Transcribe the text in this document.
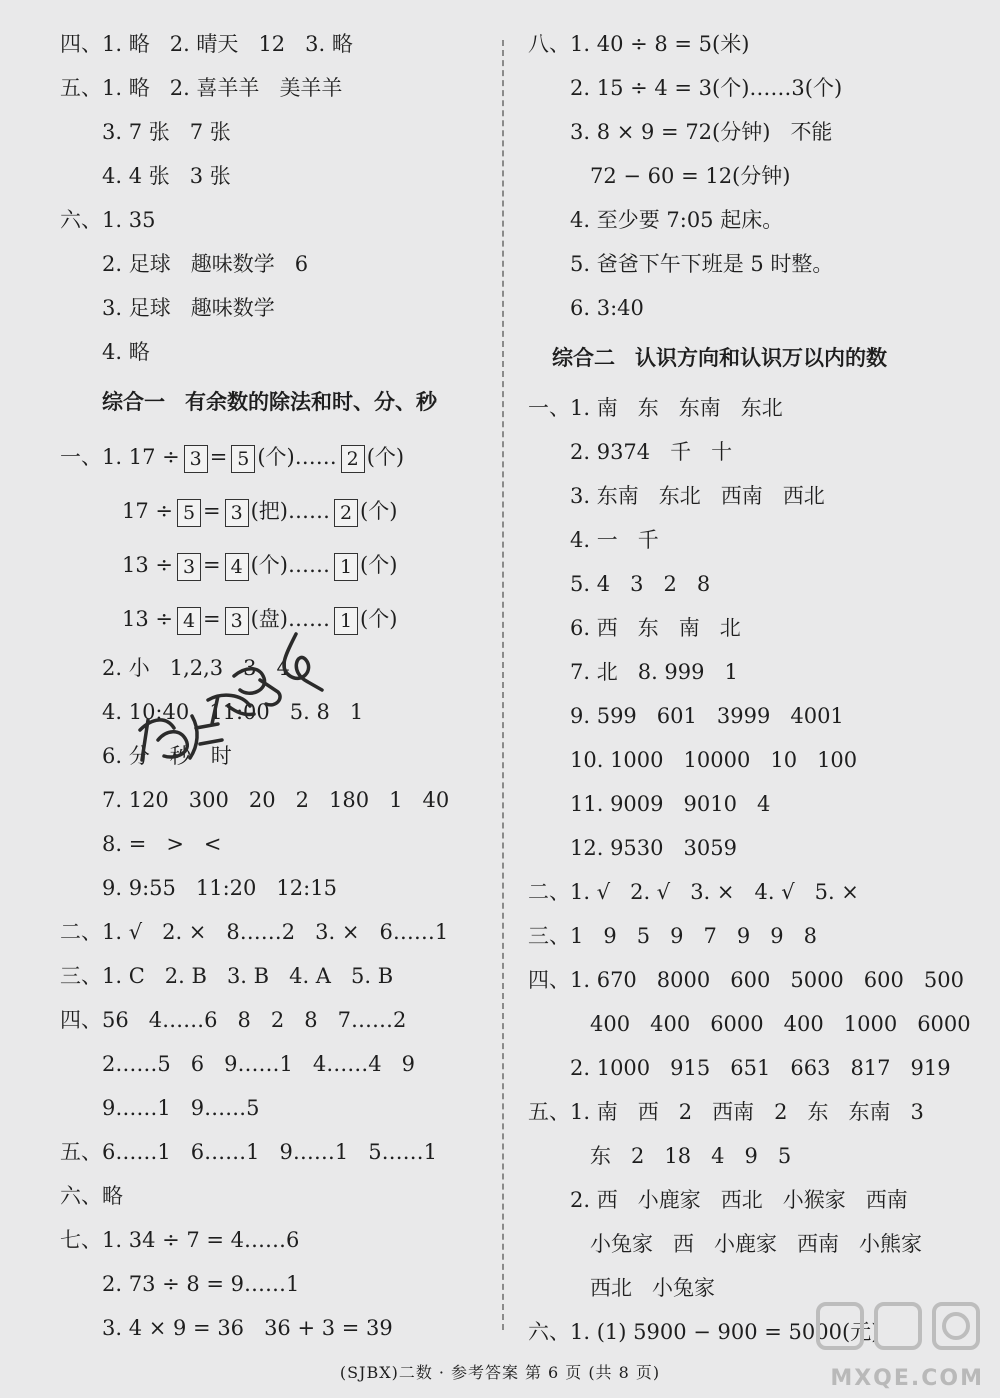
四、1. 略 2. 晴天 12 3. 略
五、1. 略 2. 喜羊羊 美羊羊
3. 7 张 7 张
4. 4 张 3 张
六、1. 35
2. 足球 趣味数学 6
3. 足球 趣味数学
4. 略
综合一 有余数的除法和时、分、秒
一、1. 17 ÷ 3 = 5 (个)…… 2 (个)
17 ÷ 5 = 3 (把)…… 2 (个)
13 ÷ 3 = 4 (个)…… 1 (个)
13 ÷ 4 = 3 (盘)…… 1 (个)
2. 小 1,2,3 3 4
4. 10:40 11:00 5. 8 1
6. 分 秒 时
7. 120 300 20 2 180 1 40
8. = > <
9. 9:55 11:20 12:15
二、1. √ 2. × 8……2 3. × 6……1
三、1. C 2. B 3. B 4. A 5. B
四、56 4……6 8 2 8 7……2
2……5 6 9……1 4……4 9
9……1 9……5
五、6……1 6……1 9……1 5……1
六、略
七、1. 34 ÷ 7 = 4……6
2. 73 ÷ 8 = 9……1
3. 4 × 9 = 36 36 + 3 = 39
八、1. 40 ÷ 8 = 5(米)
2. 15 ÷ 4 = 3(个)……3(个)
3. 8 × 9 = 72(分钟) 不能
72 − 60 = 12(分钟)
4. 至少要 7:05 起床。
5. 爸爸下午下班是 5 时整。
6. 3:40
综合二 认识方向和认识万以内的数
一、1. 南 东 东南 东北
2. 9374 千 十
3. 东南 东北 西南 西北
4. 一 千
5. 4 3 2 8
6. 西 东 南 北
7. 北 8. 999 1
9. 599 601 3999 4001
10. 1000 10000 10 100
11. 9009 9010 4
12. 9530 3059
二、1. √ 2. √ 3. × 4. √ 5. ×
三、1 9 5 9 7 9 9 8
四、1. 670 8000 600 5000 600 500
400 400 6000 400 1000 6000
2. 1000 915 651 663 817 919
五、1. 南 西 2 西南 2 东 东南 3
东 2 18 4 9 5
2. 西 小鹿家 西北 小猴家 西南
小兔家 西 小鹿家 西南 小熊家
西北 小兔家
六、1. (1) 5900 − 900 = 5000(元)
(SJBX)二数 · 参考答案 第 6 页 (共 8 页)	MXQE.COM
